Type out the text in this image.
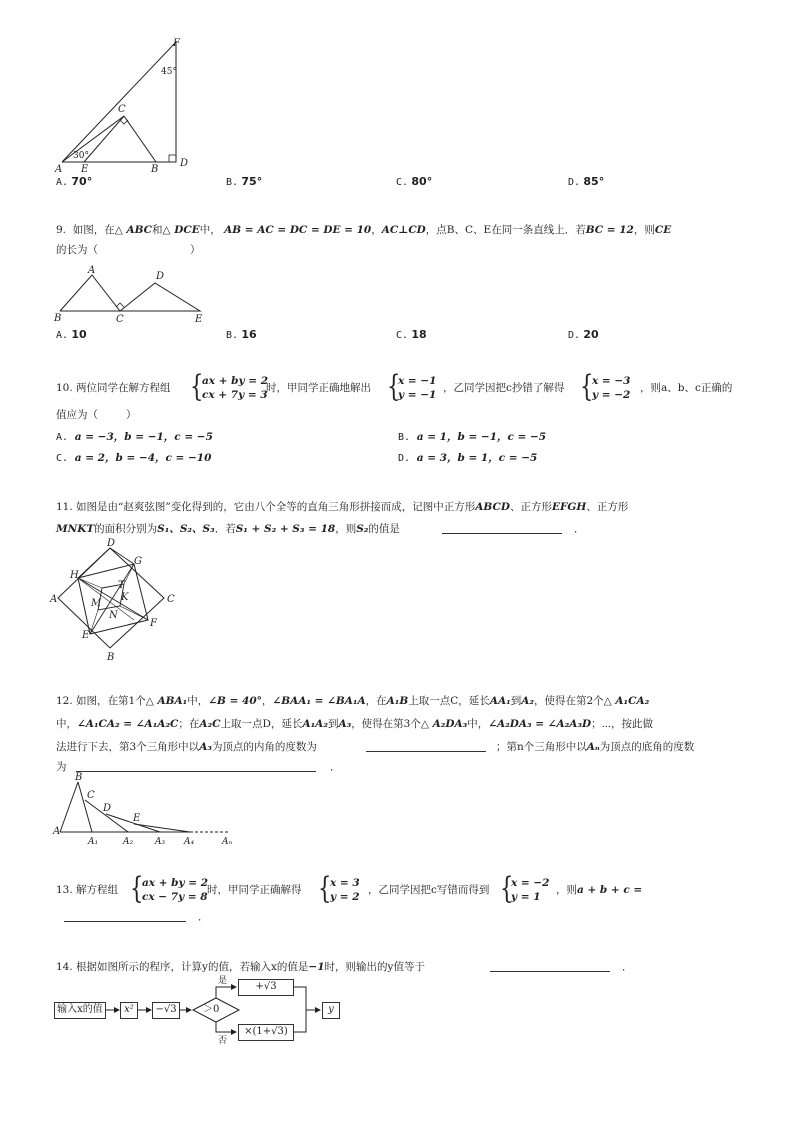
F
C
A E	B
D
30°
45°
A. 70°	B. 75°	C. 80°	D. 85°
9. 如图，在△ ABC和△ DCE中， AB = AC = DC = DE = 10，AC⊥CD，点B、C、E在同一条直线上．若BC = 12，则CE
的长为（	）
A
D
B	C	E
A. 10	B. 16	C. 18	D. 20
10. 两位同学在解方程组 {
ax + by = 2
cx + 7y = 3
时，甲同学正确地解出 {
x = −1
y = −1
，乙同学因把c抄错了解得 {
x = −3
y = −2
，则a、b、c正确的
值应为（	）
A. a = −3，b = −1，c = −5	B. a = 1，b = −1，c = −5
C. a = 2，b = −4，c = −10	D. a = 3，b = 1，c = −5
11. 如图是由“赵爽弦图”变化得到的，它由八个全等的直角三角形拼接而成，记图中正方形ABCD、正方形EFGH、正方形
MNKT的面积分别为S₁、S₂、S₃．若S₁ + S₂ + S₃ = 18，则S₂的值是	．
D
A
B
C
H
G
E
F
T
K
M
N
12. 如图，在第1个△ ABA₁中，∠B = 40°，∠BAA₁ = ∠BA₁A，在A₁B上取一点C，延长AA₁到A₂，使得在第2个△ A₁CA₂
中，∠A₁CA₂ = ∠A₁A₂C；在A₂C上取一点D，延长A₁A₂到A₃，使得在第3个△ A₂DA₃中，∠A₂DA₃ = ∠A₂A₃D；⋯，按此做
法进行下去，第3个三角形中以A₃为顶点的内角的度数为	；第n个三角形中以Aₙ为顶点的底角的度数
为	．
B
C
D
E
A
A₁	A₂ A₃ A₄	Aₙ
13. 解方程组 {
ax + by = 2
cx − 7y = 8
时，甲同学正确解得 {
x = 3
y = 2
，乙同学因把c写错而得到 {
x = −2
y = 1
，则a + b + c =
．
14. 根据如图所示的程序，计算y的值，若输入x的值是−1时，则输出的y值等于	．
输入x的值	x²	−√3	＞0
是
否
+√3
×(1+√3)
y
